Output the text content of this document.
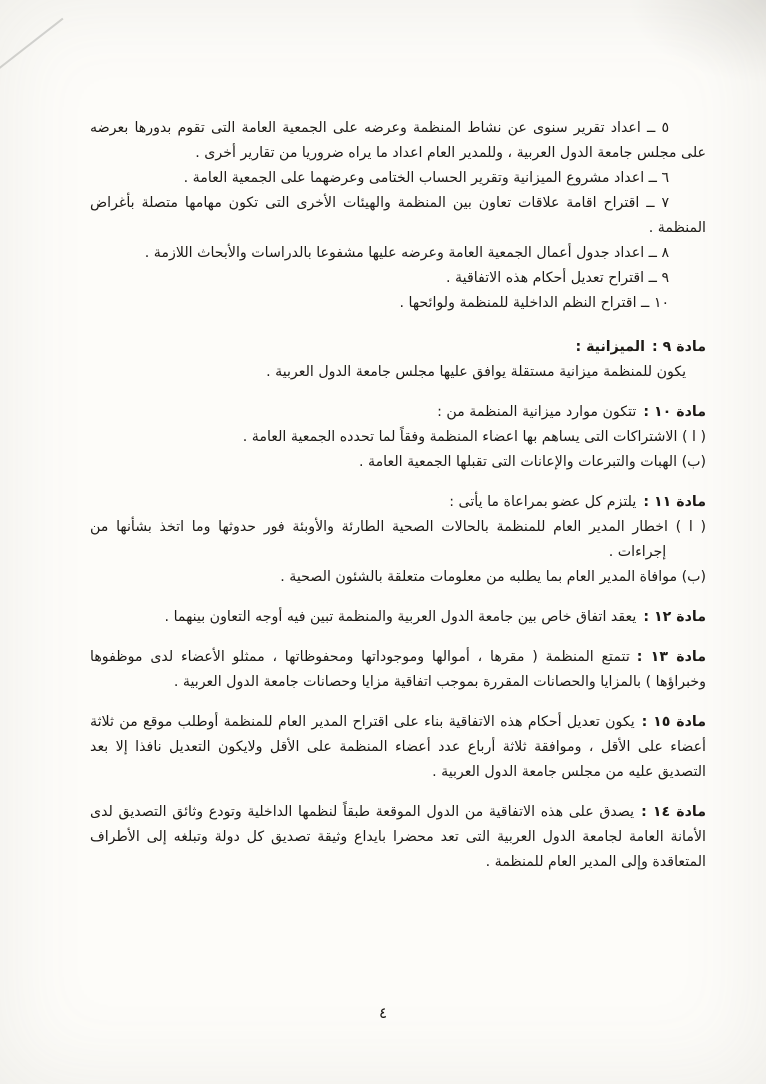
٥ ــ اعداد تقرير سنوى عن نشاط المنظمة وعرضه على الجمعية العامة التى تقوم بدورها بعرضه على مجلس جامعة الدول العربية ، وللمدير العام اعداد ما يراه ضروريا من تقارير أخرى .

٦ ــ اعداد مشروع الميزانية وتقرير الحساب الختامى وعرضهما على الجمعية العامة .

٧ ــ اقتراح اقامة علاقات تعاون بين المنظمة والهيئات الأخرى التى تكون مهامها متصلة بأغراض المنظمة .

٨ ــ اعداد جدول أعمال الجمعية العامة وعرضه عليها مشفوعا بالدراسات والأبحاث اللازمة .

٩ ــ اقتراح تعديل أحكام هذه الاتفاقية .

١٠ ــ اقتراح النظم الداخلية للمنظمة ولوائحها .

مادة ٩ :الميزانية :

يكون للمنظمة ميزانية مستقلة يوافق عليها مجلس جامعة الدول العربية .

مادة ١٠ :تتكون موارد ميزانية المنظمة من :

( ا ) الاشتراكات التى يساهم بها اعضاء المنظمة وفقاً لما تحدده الجمعية العامة .

(ب) الهبات والتبرعات والإعانات التى تقبلها الجمعية العامة .

مادة ١١ :يلتزم كل عضو بمراعاة ما يأتى :

( ا ) اخطار المدير العام للمنظمة بالحالات الصحية الطارئة والأوبئة فور حدوثها وما اتخذ بشأنها من إجراءات .

(ب) موافاة المدير العام بما يطلبه من معلومات متعلقة بالشئون الصحية .

مادة ١٢ :يعقد اتفاق خاص بين جامعة الدول العربية والمنظمة تبين فيه أوجه التعاون بينهما .

مادة ١٣ :تتمتع المنظمة ( مقرها ، أموالها وموجوداتها ومحفوظاتها ، ممثلو الأعضاء لدى موظفوها وخبراؤها ) بالمزايا والحصانات المقررة بموجب اتفاقية مزايا وحصانات جامعة الدول العربية .

مادة ١٥ :يكون تعديل أحكام هذه الاتفاقية بناء على اقتراح المدير العام للمنظمة أوطلب موقع من ثلاثة أعضاء على الأقل ، وموافقة ثلاثة أرباع عدد أعضاء المنظمة على الأقل ولايكون التعديل نافذا إلا بعد التصديق عليه من مجلس جامعة الدول العربية .

مادة ١٤ :يصدق على هذه الاتفاقية من الدول الموقعة طبقاً لنظمها الداخلية وتودع وثائق التصديق لدى الأمانة العامة لجامعة الدول العربية التى تعد محضرا بايداع وثيقة تصديق كل دولة وتبلغه إلى الأطراف المتعاقدة وإلى المدير العام للمنظمة .

٤
